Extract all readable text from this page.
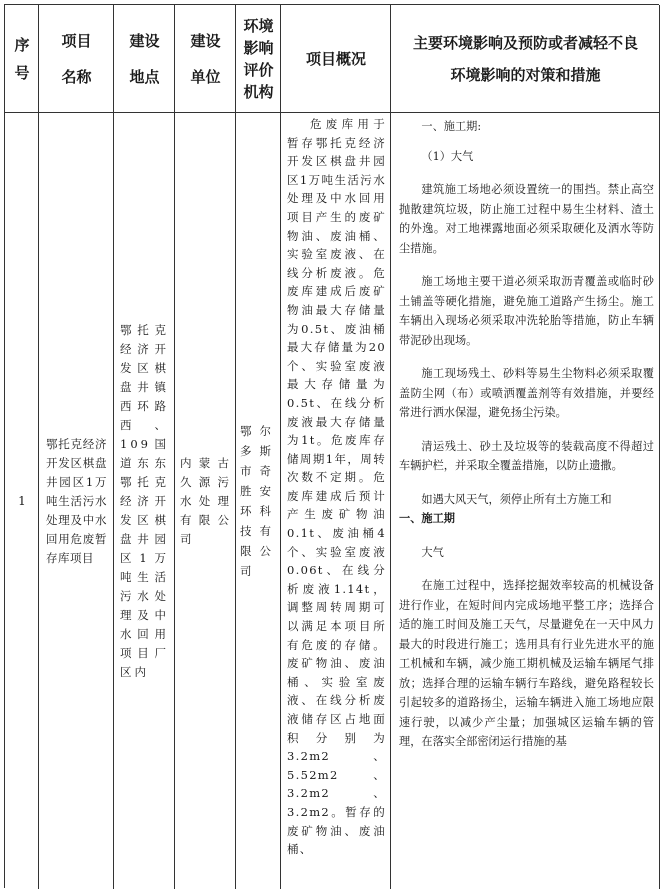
序
号
项目
名称
建设
地点
建设
单位
环境
影响
评价
机构
项目概况
主要环境影响及预防或者减轻不良
环境影响的对策和措施
1
鄂托克经济开发区棋盘井园区1万吨生活污水处理及中水回用危废暂存库项目
鄂托克经济开发区棋盘井镇西环路西、109国道东东鄂托克经济开发区棋盘井园区1万吨生活污水处理及中水回用项目厂区内
内蒙古久源污水处理有限公司
鄂尔多斯市奇胜安环科技有限公司
危废库用于暂存鄂托克经济开发区棋盘井园区1万吨生活污水处理及中水回用项目产生的废矿物油、废油桶、实验室废液、在线分析废液。危废库建成后废矿物油最大存储量为0.5t、废油桶最大存储量为20个、实验室废液最大存储量为0.5t、在线分析废液最大存储量为1t。危废库存储周期1年，周转次数不定期。危废库建成后预计产生废矿物油0.1t、废油桶4个、实验室废液0.06t、在线分析废液1.14t，调整周转周期可以满足本项目所有危废的存储。废矿物油、废油桶、实验室废液、在线分析废液储存区占地面积分别为 3.2m2 、5.52m2、3.2m2、3.2m2。暂存的废矿物油、废油桶、

一、施工期:

（1）大气

建筑施工场地必须设置统一的围挡。禁止高空抛散建筑垃圾，防止施工过程中易生尘材料、渣土的外逸。对工地裸露地面必须采取硬化及洒水等防尘措施。

施工场地主要干道必须采取沥青覆盖或临时砂土铺盖等硬化措施，避免施工道路产生扬尘。施工车辆出入现场必须采取冲洗轮胎等措施，防止车辆带泥砂出现场。

施工现场残土、砂料等易生尘物料必须采取覆盖防尘网（布）或喷洒覆盖剂等有效措施，并要经常进行洒水保湿，避免扬尘污染。

清运残土、砂土及垃圾等的装载高度不得超过车辆护栏，并采取全覆盖措施，以防止遗撒。

如遇大风天气，须停止所有土方施工和

一、施工期

大气

在施工过程中，选择挖掘效率较高的机械设备进行作业，在短时间内完成场地平整工序；选择合适的施工时间及施工天气，尽量避免在一天中风力最大的时段进行施工；选用具有行业先进水平的施工机械和车辆，减少施工期机械及运输车辆尾气排放；选择合理的运输车辆行车路线，避免路程较长引起较多的道路扬尘，运输车辆进入施工场地应限速行驶，以减少产尘量；加强城区运输车辆的管理，在落实全部密闭运行措施的基
